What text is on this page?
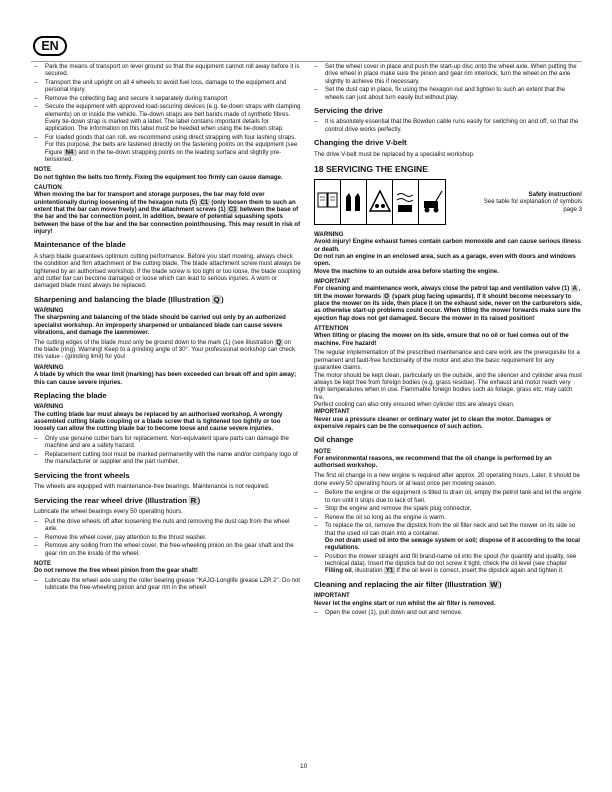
EN
– Park the means of transport on level ground so that the equipment cannot roll away before it is secured.
– Transport the unit upright on all 4 wheels to avoid fuel loss, damage to the equipment and personal injury.
– Remove the collecting bag and secure it separately during transport
– Secure the equipment with approved load-securing devices (e.g. tie-down straps with clamping elements) on or inside the vehicle. Tie-down straps are belt bands made of synthetic fibres. Every tie-down strap is marked with a label. The label contains important details for application. The information on this label must be heeded when using the tie-down strap.
– For loaded goods that can roll, we recommend using direct strapping with four lashing straps. For this purpose, the belts are fastened directly on the fastening points on the equipment (see Figure N4 ) and in the tie-down strapping points on the leading surface and slightly pre-tensioned.
NOTE

Do not tighten the belts too firmly. Fixing the equipment too firmly can cause damage.

CAUTION

When moving the bar for transport and storage purposes, the bar may fold over unintentionally during loosening of the hexagon nuts (5) C1 (only loosen them to such an extent that the bar can move freely) and the attachment screws (1) C1 between the base of the bar and the bar connection point. In addition, beware of potential squashing spots between the base of the bar and the bar connection point/housing. This may result in risk of injury!

Maintenance of the blade

A sharp blade guarantees optimum cutting performance. Before you start mowing, always check the condition and firm attachment of the cutting blade. The blade attachment screw must always be tightened by an authorised workshop. If the blade screw is too tight or too loose, the blade coupling and cutter bar can become damaged or loose which can lead to serious injuries. A worn or damaged blade must always be replaced.

Sharpening and balancing the blade (Illustration Q )
WARNING

The sharpening and balancing of the blade should be carried out only by an authorized specialist workshop. An improperly sharpened or unbalanced blade can cause severe vibrations, and damage the lawnmower.

The cutting edges of the blade must only be ground down to the mark (1) (see illustration Q on the blade (ring). Warning! Keep to a grinding angle of 30°. Your professional workshop can check this value - (grinding limit) for you!

WARNING

A blade by which the wear limit (marking) has been exceeded can break off and spin away; this can cause severe injuries.

Replacing the blade
WARNING

The cutting blade bar must always be replaced by an authorised workshop. A wrongly assembled cutting blade coupling or a blade screw that is tightened too tightly or too loosely can allow the cutting blade bar to become loose and cause severe injuries.

– Only use genuine cutter bars for replacement. Non-equivalent spare parts can damage the machine and are a safety hazard.
– Replacement cutting tool must be marked permanently with the name and/or company logo of the manufacturer or supplier and the part number.
Servicing the front wheels

The wheels are equipped with maintenance-free bearings. Maintenance is not required.

Servicing the rear wheel drive (Illustration R )

Lubricate the wheel bearings every 50 operating hours.

– Pull the drive wheels off after loosening the nuts and removing the dust cap from the wheel axle.
– Remove the wheel cover, pay attention to the thrust washer.
– Remove any soiling from the wheel cover, the free-wheeling pinion on the gear shaft and the gear rim on the inside of the wheel.
NOTE

Do not remove the free wheel pinion from the gear shaft!

– Lubricate the wheel axle using the roller bearing grease "KAJO-Longlife grease LZR 2". Do not lubricate the free-wheeling pinion and gear rim in the wheel!
– Set the wheel cover in place and push the start-up disc onto the wheel axle. When putting the drive wheel in place make sure the pinion and gear rim interlock, turn the wheel on the axle slightly to achieve this if necessary.
– Set the dust cap in place, fix using the hexagon nut and tighten to such an extent that the wheels can just about turn easily but without play.
Servicing the drive
– It is absolutely essential that the Bowden cable runs easily for switching on and off, so that the control drive works perfectly.
Changing the drive V-belt

The drive V-belt must be replaced by a specialist workshop.

18 SERVICING THE ENGINE
Safety instruction!
See table for explanation of symbols
page 3
WARNING

Avoid injury! Engine exhaust fumes contain carbon monoxide and can cause serious illness or death.

Do not run an engine in an enclosed area, such as a garage, even with doors and windows open.

Move the machine to an outside area before starting the engine.

IMPORTANT

For cleaning and maintenance work, always close the petrol tap and ventilation valve (1) A , tilt the mower forwards O (spark plug facing upwards). If it should become necessary to place the mower on its side, then place it on the exhaust side, never on the carburetors side, as otherwise start-up problems could occur. When tilting the mower forwards make sure the ejection flap does not get damaged. Secure the mower in its raised position!

ATTENTION

When tilting or placing the mower on its side, ensure that no oil or fuel comes out of the machine. Fire hazard!

The regular implementation of the prescribed maintenance and care work are the prerequisite for a permanent and fault-free functionality of the motor and also the basic requirement for any guarantee claims.

The motor should be kept clean, particularly on the outside, and the silencer and cylinder area must always be kept free from foreign bodies (e.g. grass residue). The exhaust and motor reach very high temperatures when in use. Flammable foreign bodies such as foliage, grass etc. may catch fire.

Perfect cooling can also only ensured when cylinder ribs are always clean.

IMPORTANT

Never use a pressure cleaner or ordinary water jet to clean the motor. Damages or expensive repairs can be the consequence of such action.

Oil change
NOTE

For environmental reasons, we recommend that the oil change is performed by an authorised workshop.

The first oil change in a new engine is required after approx. 20 operating hours. Later, it should be done every 50 operating hours or at least once per mowing season.

– Before the engine or the equipment is tilted to drain oil, empty the petrol tank and let the engine to run until it stops due to lack of fuel.
– Stop the engine and remove the spark plug connector.
– Renew the oil so long as the engine is warm.
– To replace the oil, remove the dipstick from the oil filler neck and set the mower on its side so that the used oil can drain into a container.
Do not drain used oil into the sewage system or soil; dispose of it according to the local regulations.
– Position the mower straight and fill brand-name oil into the spout (for quantity and quality, see technical data). Insert the dipstick but do not screw it tight, check the oil level (see chapter Filling oil, illustration Y1 If the oil level is correct, insert the dipstick again and tighten it.
Cleaning and replacing the air filter (Illustration W )
IMPORTANT

Never let the engine start or run whilst the air filter is removed.

– Open the cover (1), pull down and out and remove.
10
